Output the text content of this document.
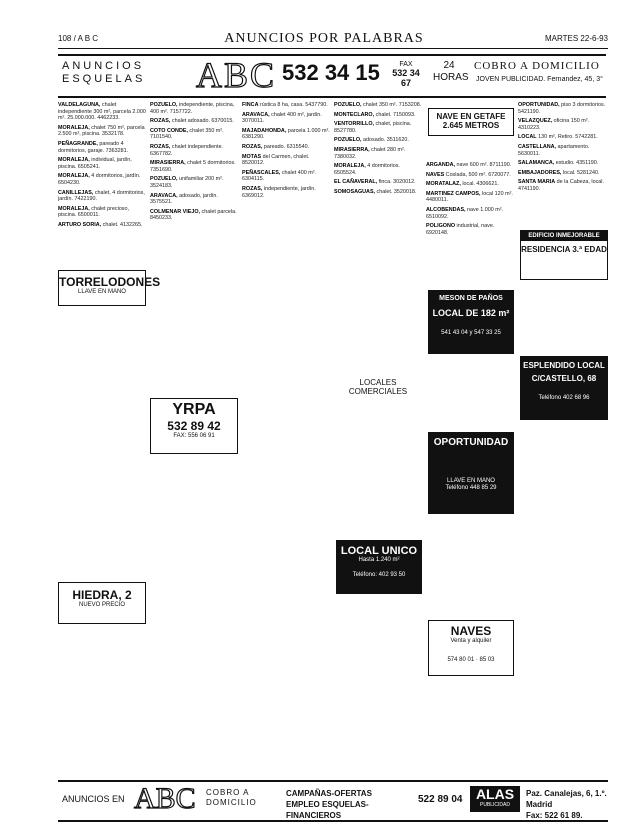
108 / A B C	ANUNCIOS POR PALABRAS	MARTES 22-6-93
ANUNCIOS
ESQUELAS	ABC 532 34 15	FAX
532 34 67
24
HORAS
COBRO A DOMICILIO
JOVEN PUBLICIDAD. Fernandez, 45, 3°

VALDELAGUNA, chalet independiente 300 m², parcela 2.000 m². 25.000.000. 4462233.

MORALEJA, chalet 750 m², parcela 2.500 m², piscina. 3532178.

PEÑAGRANDE, pareado 4 dormitorios, garaje. 7363281.

MORALEJA, individual, jardín, piscina. 6505241.

MORALEJA, 4 dormitorios, jardín. 6504230.

CANILLEJAS, chalet, 4 dormitorios, jardín. 7422190.

MORALEJA, chalet precioso, piscina. 6500011.

ARTURO SORIA, chalet. 4132265.

POZUELO, independiente, piscina, 400 m². 7157722.

ROZAS, chalet adosado. 6370015.

COTO CONDE, chalet 350 m². 7101540.

ROZAS, chalet independiente. 6367782.

MIRASIERRA, chalet 5 dormitorios. 7351690.

POZUELO, unifamiliar 200 m². 3524183.

ARAVACA, adosado, jardín. 3575521.

COLMENAR VIEJO, chalet parcela. 8450233.

FINCA rústica 8 ha, casa. 5437790.

ARAVACA, chalet 400 m², jardín. 3070011.

MAJADAHONDA, parcela 1.000 m². 6381290.

ROZAS, pareado. 6315540.

MOTAS del Carmen, chalet. 8520012.

PEÑASCALES, chalet 400 m². 6304115.

ROZAS, independiente, jardín. 6369012.

POZUELO, chalet 350 m². 7153208.

MONTECLARO, chalet. 7150093.

VENTORRILLO, chalet, piscina. 8527780.

POZUELO, adosado. 3511620.

MIRASIERRA, chalet 280 m². 7380032.

MORALEJA, 4 dormitorios. 6505524.

EL CAÑAVERAL, finca. 3020012.

SOMOSAGUAS, chalet. 3520018.

ARGANDA, nave 600 m². 8711190.

NAVES Coslada, 500 m². 6720077.

MORATALAZ, local. 4306621.

MARTINEZ CAMPOS, local 120 m². 4480011.

ALCOBENDAS, nave 1.000 m². 6510092.

POLIGONO industrial, nave. 6920148.

OPORTUNIDAD, piso 3 dormitorios. 5421190.

VELAZQUEZ, oficina 150 m². 4310223.

LOCAL 130 m², Retiro. 5742281.

CASTELLANA, apartamento. 5630011.

SALAMANCA, estudio. 4351190.

EMBAJADORES, local. 5281240.

SANTA MARIA de la Cabeza, local. 4741190.

TORRELODONES
LLAVE EN MANO
HIEDRA, 2
NUEVO PRECIO
YRPA
532 89 42
FAX: 556 06 91
NAVE EN GETAFE
2.645 METROS
LOCALES COMERCIALES
LOCAL UNICO
Hasta 1.240 m²
Teléfono: 402 93 50
MESON DE PAÑOS
LOCAL DE 182 m²
541 43 04 y 547 33 25
OPORTUNIDAD
LLAVE EN MANO
Teléfono 448 85 29
NAVES
Venta y alquiler
574 80 01 · 85 03
EDIFICIO INMEJORABLE
RESIDENCIA 3.ª EDAD
ESPLENDIDO LOCAL
C/CASTELLO, 68
Teléfono 402 68 96
ANUNCIOS EN ABC COBRO A DOMICILIO
CAMPAÑAS-OFERTAS EMPLEO ESQUELAS-FINANCIEROS
522 89 04 ALAS
PUBLICIDAD
Paz. Canalejas, 6, 1.º. Madrid
Fax: 522 61 89.
